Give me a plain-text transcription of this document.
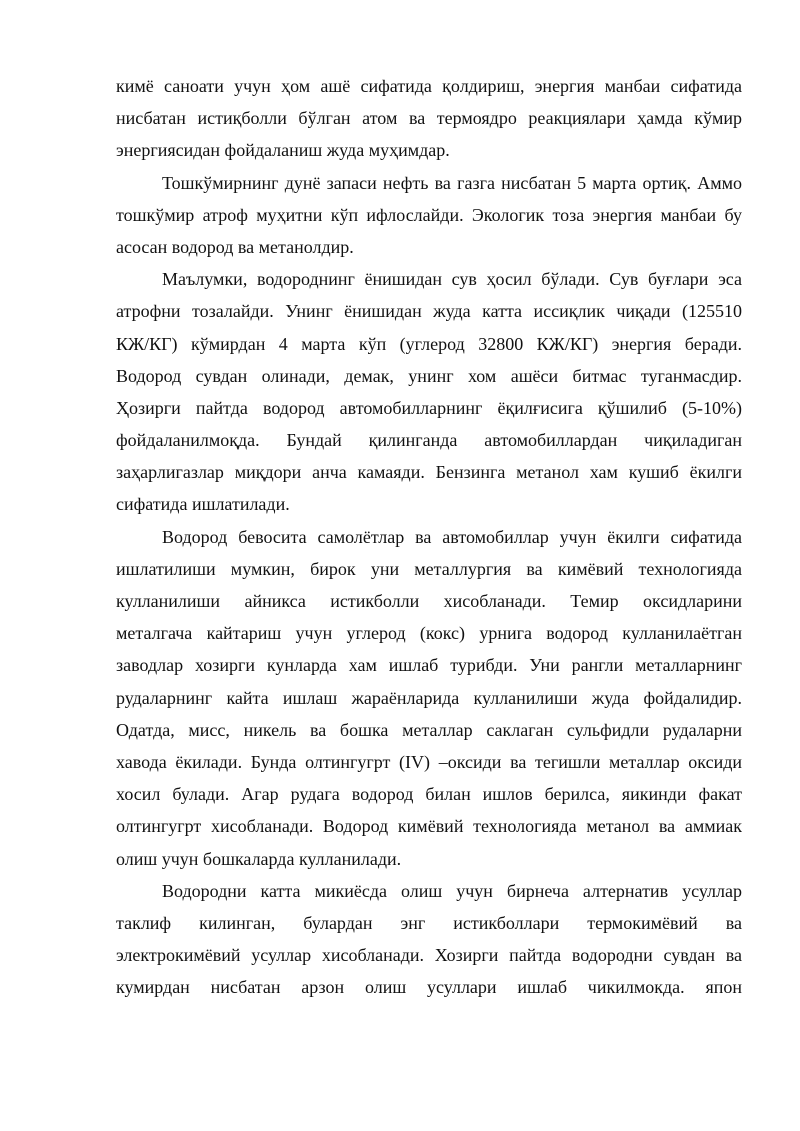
кимё саноати учун ҳом ашё сифатида қолдириш, энергия манбаи сифатида
нисбатан истиқболли бўлган атом ва термоядро реакциялари ҳамда кўмир
энергиясидан фойдаланиш жуда муҳимдар.
Тошкўмирнинг дунё запаси нефть ва газга нисбатан 5 марта ортиқ. Аммо
тошкўмир атроф муҳитни кўп ифлослайди. Экологик тоза энергия манбаи бу
асосан водород ва метанолдир.
Маълумки, водороднинг ёнишидан сув ҳосил бўлади. Сув буғлари эса
атрофни тозалайди. Унинг ёнишидан жуда катта иссиқлик чиқади (125510
КЖ/КГ) кўмирдан 4 марта кўп (углерод 32800 КЖ/КГ) энергия беради.
Водород сувдан олинади, демак, унинг хом ашёси битмас туганмасдир.
Ҳозирги пайтда водород автомобилларнинг ёқилғисига қўшилиб (5-10%)
фойдаланилмоқда. Бундай қилинганда автомобиллардан чиқиладиган
заҳарлигазлар миқдори анча камаяди. Бензинга метанол хам кушиб ёкилги
сифатида ишлатилади.
Водород бевосита самолётлар ва автомобиллар учун ёкилги сифатида
ишлатилиши мумкин, бирок уни металлургия ва кимёвий технологияда
кулланилиши айникса истикболли хисобланади. Темир оксидларини
металгача кайтариш учун углерод (кокс) урнига водород кулланилаётган
заводлар хозирги кунларда хам ишлаб турибди. Уни рангли металларнинг
рудаларнинг кайта ишлаш жараёнларида кулланилиши жуда фойдалидир.
Одатда, мисс, никель ва бошка металлар саклаган сульфидли рудаларни
хавода ёкилади. Бунда олтингугрт (IV) –оксиди ва тегишли металлар оксиди
хосил булади. Агар рудага водород билан ишлов берилса, яикинди факат
олтингугрт хисобланади. Водород кимёвий технологияда метанол ва аммиак
олиш учун бошкаларда кулланилади.
Водородни катта микиёсда олиш учун бирнеча алтернатив усуллар
таклиф килинган, булардан энг истикболлари термокимёвий ва
электрокимёвий усуллар хисобланади. Хозирги пайтда водородни сувдан ва
кумирдан нисбатан арзон олиш усуллари ишлаб чикилмокда. япон
